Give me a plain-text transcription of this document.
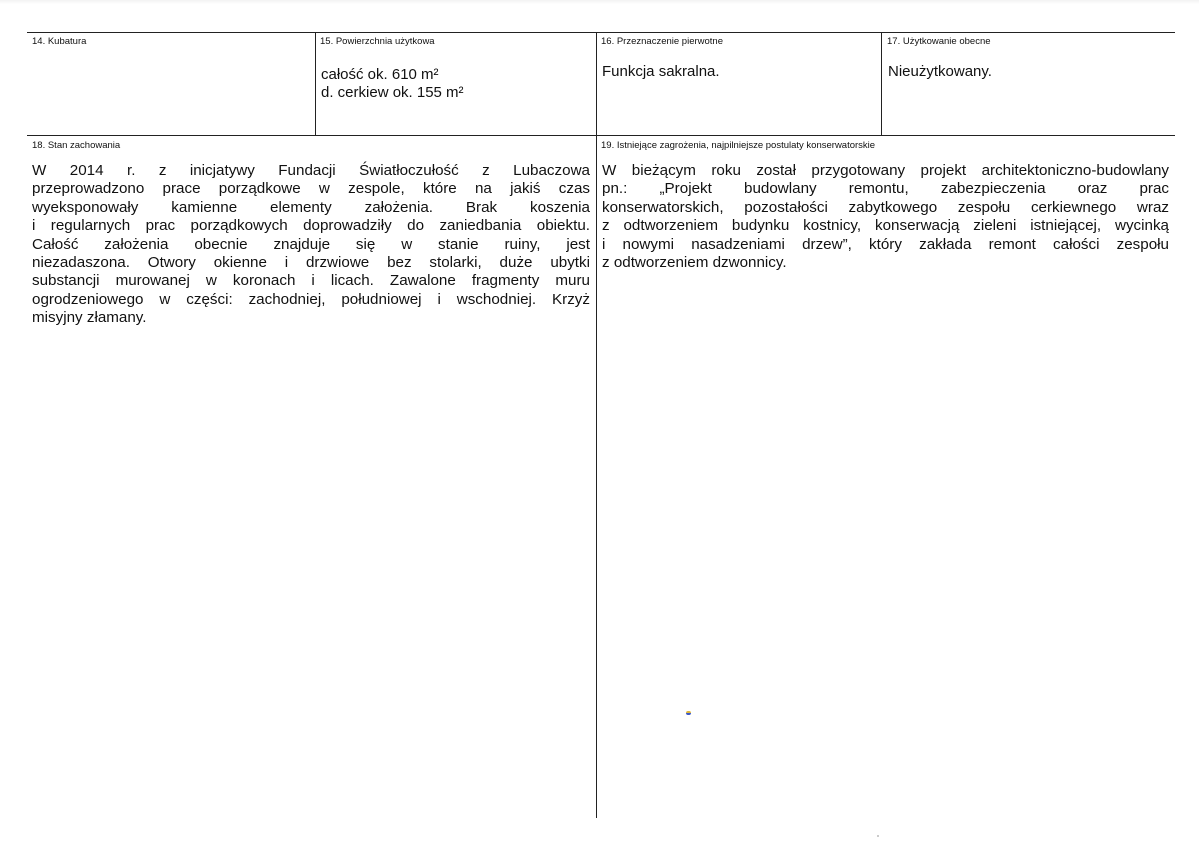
14. Kubatura	15. Powierzchnia użytkowa
całość ok. 610 m²
d. cerkiew ok. 155 m²
16. Przeznaczenie pierwotne
Funkcja sakralna.
17. Użytkowanie obecne
Nieużytkowany.
18. Stan zachowania
W 2014 r. z inicjatywy Fundacji Światłoczułość z Lubaczowa
przeprowadzono prace porządkowe w zespole, które na jakiś czas
wyeksponowały kamienne elementy założenia. Brak koszenia
i regularnych prac porządkowych doprowadziły do zaniedbania obiektu.
Całość założenia obecnie znajduje się w stanie ruiny, jest
niezadaszona. Otwory okienne i drzwiowe bez stolarki, duże ubytki
substancji murowanej w koronach i licach. Zawalone fragmenty muru
ogrodzeniowego w części: zachodniej, południowej i wschodniej. Krzyż
misyjny złamany.
19. Istniejące zagrożenia, najpilniejsze postulaty konserwatorskie
W bieżącym roku został przygotowany projekt architektoniczno-budowlany
pn.: „Projekt budowlany remontu, zabezpieczenia oraz prac
konserwatorskich, pozostałości zabytkowego zespołu cerkiewnego wraz
z odtworzeniem budynku kostnicy, konserwacją zieleni istniejącej, wycinką
i nowymi nasadzeniami drzew”, który zakłada remont całości zespołu
z odtworzeniem dzwonnicy.
